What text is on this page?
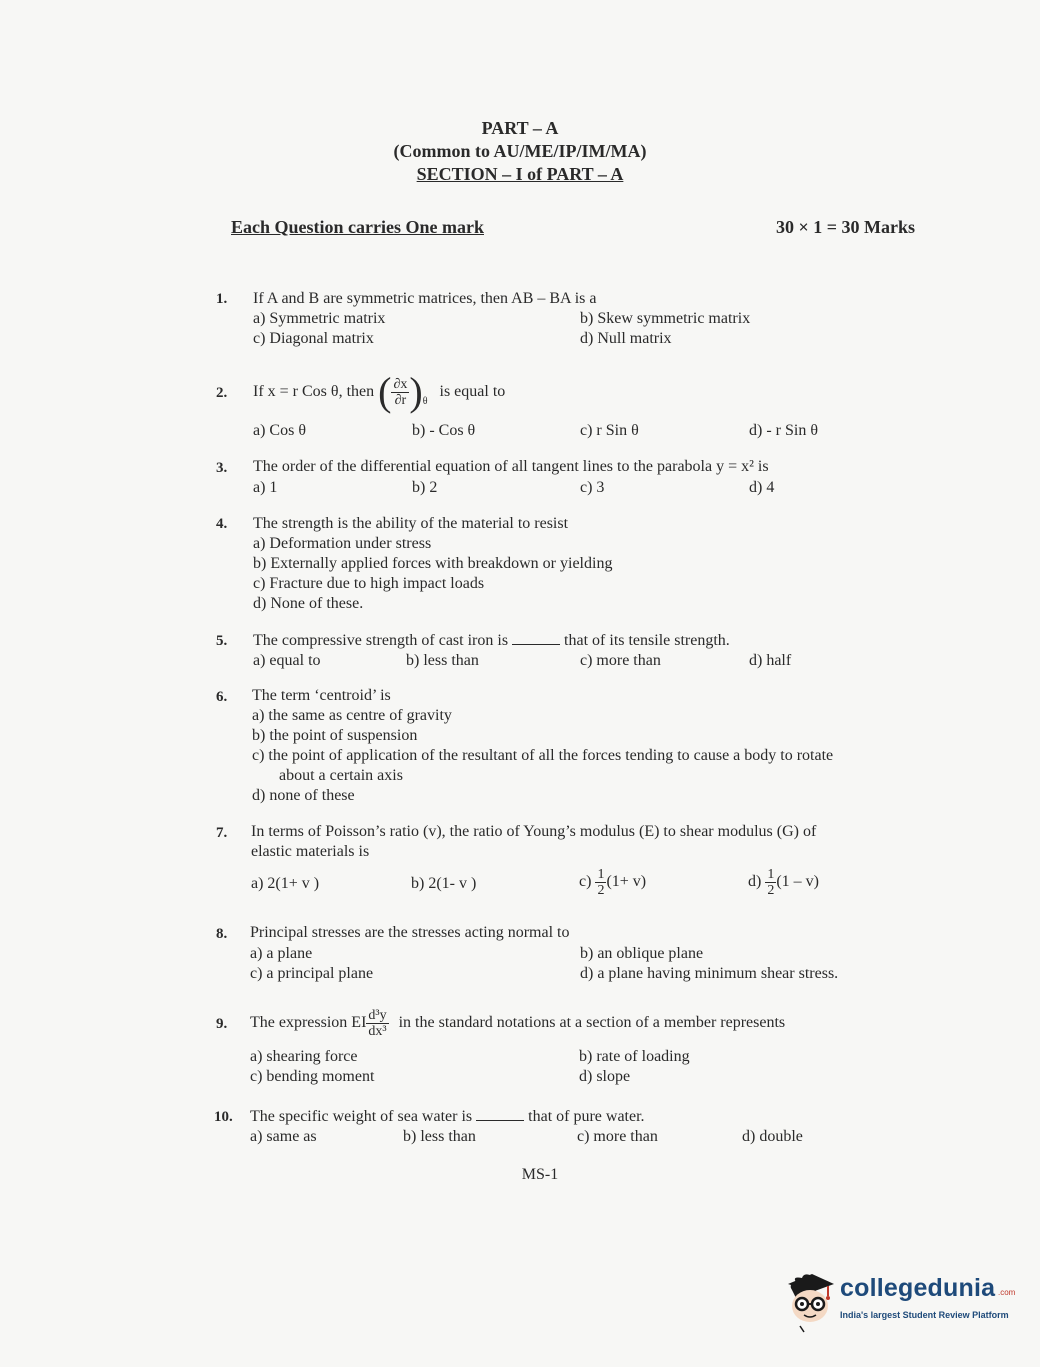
PART – A
(Common to AU/ME/IP/IM/MA)
SECTION – I of PART – A
Each Question carries One mark	30 × 1 = 30 Marks
1. If A and B are symmetric matrices, then AB – BA is a
a) Symmetric matrix	b) Skew symmetric matrix
c) Diagonal matrix	d) Null matrix
2. If x = r Cos θ, then ( $\frac{\partial x}{\partial r} )_\theta$ is equal to
a) Cos θ	b) - Cos θ	c) r Sin θ	d) - r Sin θ
3. The order of the differential equation of all tangent lines to the parabola y = x² is
a) 1	b) 2	c) 3	d) 4
4. The strength is the ability of the material to resist
a) Deformation under stress
b) Externally applied forces with breakdown or yielding
c) Fracture due to high impact loads
d) None of these.
5. The compressive strength of cast iron is	that of its tensile strength.
a) equal to	b) less than	c) more than	d) half
6. The term ‘centroid’ is
a) the same as centre of gravity
b) the point of suspension
c) the point of application of the resultant of all the forces tending to cause a body to rotate
about a certain axis
d) none of these
7. In terms of Poisson’s ratio (v), the ratio of Young’s modulus (E) to shear modulus (G) of
elastic materials is
a) 2(1+ v )	b) 2(1- v )	$c) \frac{1}{2} (1+ v)$	$d) \frac{1}{2} (1 - v)$
8. Principal stresses are the stresses acting normal to
a) a plane	b) an oblique plane
c) a principal plane	d) a plane having minimum shear stress.
9. The expression EI $\frac{\text{d³y}}{\text{dx³}}$ in the standard notations at a section of a member represents
a) shearing force	b) rate of loading
c) bending moment	d) slope
10. The specific weight of sea water is	that of pure water.
a) same as	b) less than	c) more than	d) double
MS-1
collegedunia .com
India's largest Student Review Platform
